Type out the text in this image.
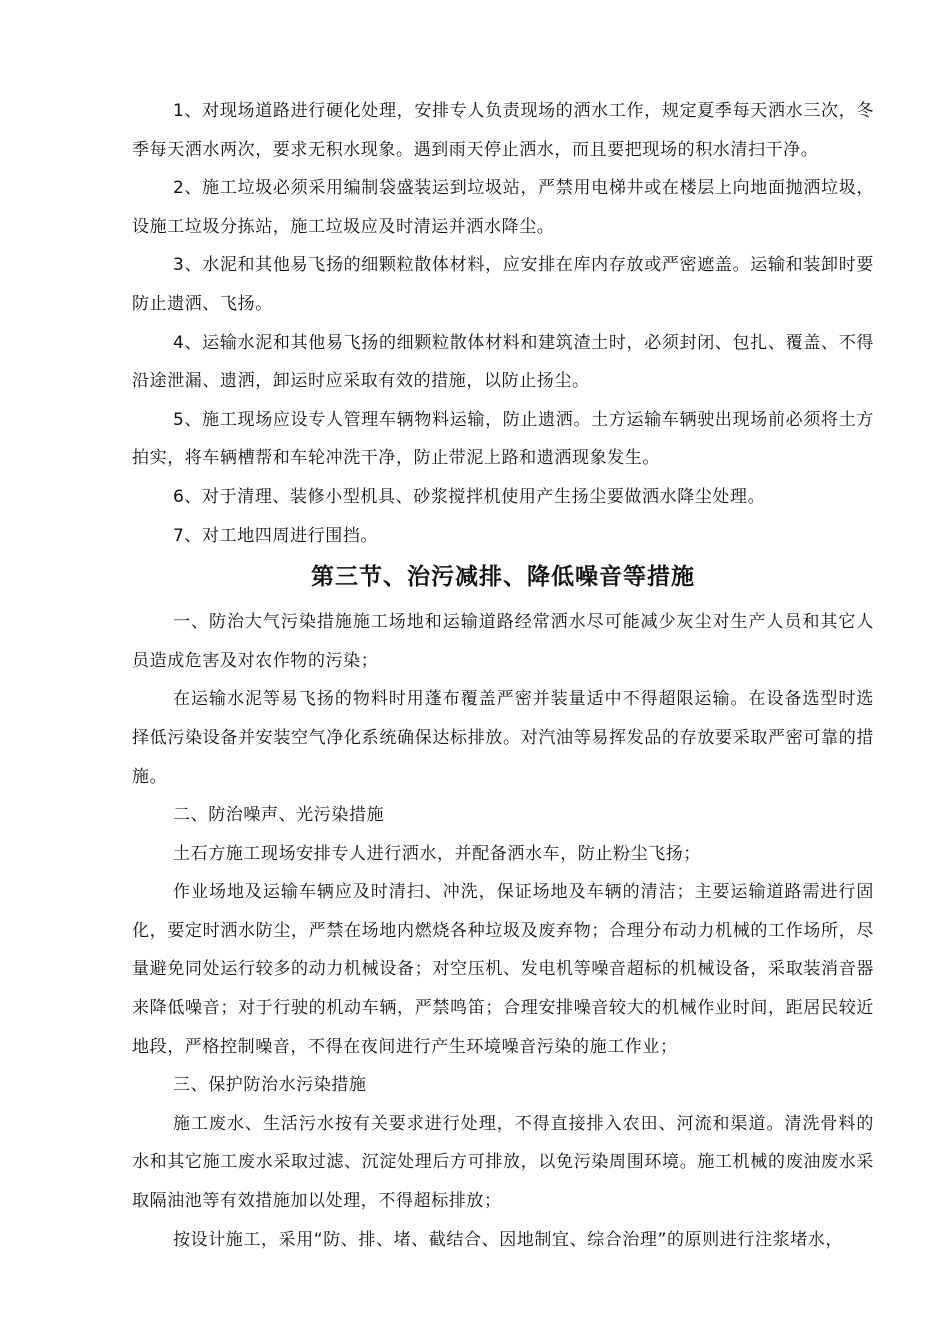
1、对现场道路进行硬化处理，安排专人负责现场的洒水工作，规定夏季每天洒水三次，冬季每天洒水两次，要求无积水现象。遇到雨天停止洒水，而且要把现场的积水清扫干净。

2、施工垃圾必须采用编制袋盛装运到垃圾站，严禁用电梯井或在楼层上向地面抛洒垃圾，设施工垃圾分拣站，施工垃圾应及时清运并洒水降尘。

3、水泥和其他易飞扬的细颗粒散体材料，应安排在库内存放或严密遮盖。运输和装卸时要防止遗洒、飞扬。

4、运输水泥和其他易飞扬的细颗粒散体材料和建筑渣土时，必须封闭、包扎、覆盖、不得沿途泄漏、遗洒，卸运时应采取有效的措施，以防止扬尘。

5、施工现场应设专人管理车辆物料运输，防止遗洒。土方运输车辆驶出现场前必须将土方拍实，将车辆槽帮和车轮冲洗干净，防止带泥上路和遗洒现象发生。

6、对于清理、装修小型机具、砂浆搅拌机使用产生扬尘要做洒水降尘处理。

7、对工地四周进行围挡。

第三节、治污减排、降低噪音等措施

一、防治大气污染措施施工场地和运输道路经常洒水尽可能减少灰尘对生产人员和其它人员造成危害及对农作物的污染；

在运输水泥等易飞扬的物料时用蓬布覆盖严密并装量适中不得超限运输。在设备选型时选择低污染设备并安装空气净化系统确保达标排放。对汽油等易挥发品的存放要采取严密可靠的措施。

二、防治噪声、光污染措施

土石方施工现场安排专人进行洒水，并配备洒水车，防止粉尘飞扬；

作业场地及运输车辆应及时清扫、冲洗，保证场地及车辆的清洁；主要运输道路需进行固化，要定时洒水防尘，严禁在场地内燃烧各种垃圾及废弃物；合理分布动力机械的工作场所，尽量避免同处运行较多的动力机械设备；对空压机、发电机等噪音超标的机械设备，采取装消音器来降低噪音；对于行驶的机动车辆，严禁鸣笛；合理安排噪音较大的机械作业时间，距居民较近地段，严格控制噪音，不得在夜间进行产生环境噪音污染的施工作业；

三、保护防治水污染措施

施工废水、生活污水按有关要求进行处理，不得直接排入农田、河流和渠道。清洗骨料的水和其它施工废水采取过滤、沉淀处理后方可排放，以免污染周围环境。施工机械的废油废水采取隔油池等有效措施加以处理，不得超标排放；

按设计施工，采用“防、排、堵、截结合、因地制宜、综合治理”的原则进行注浆堵水，
